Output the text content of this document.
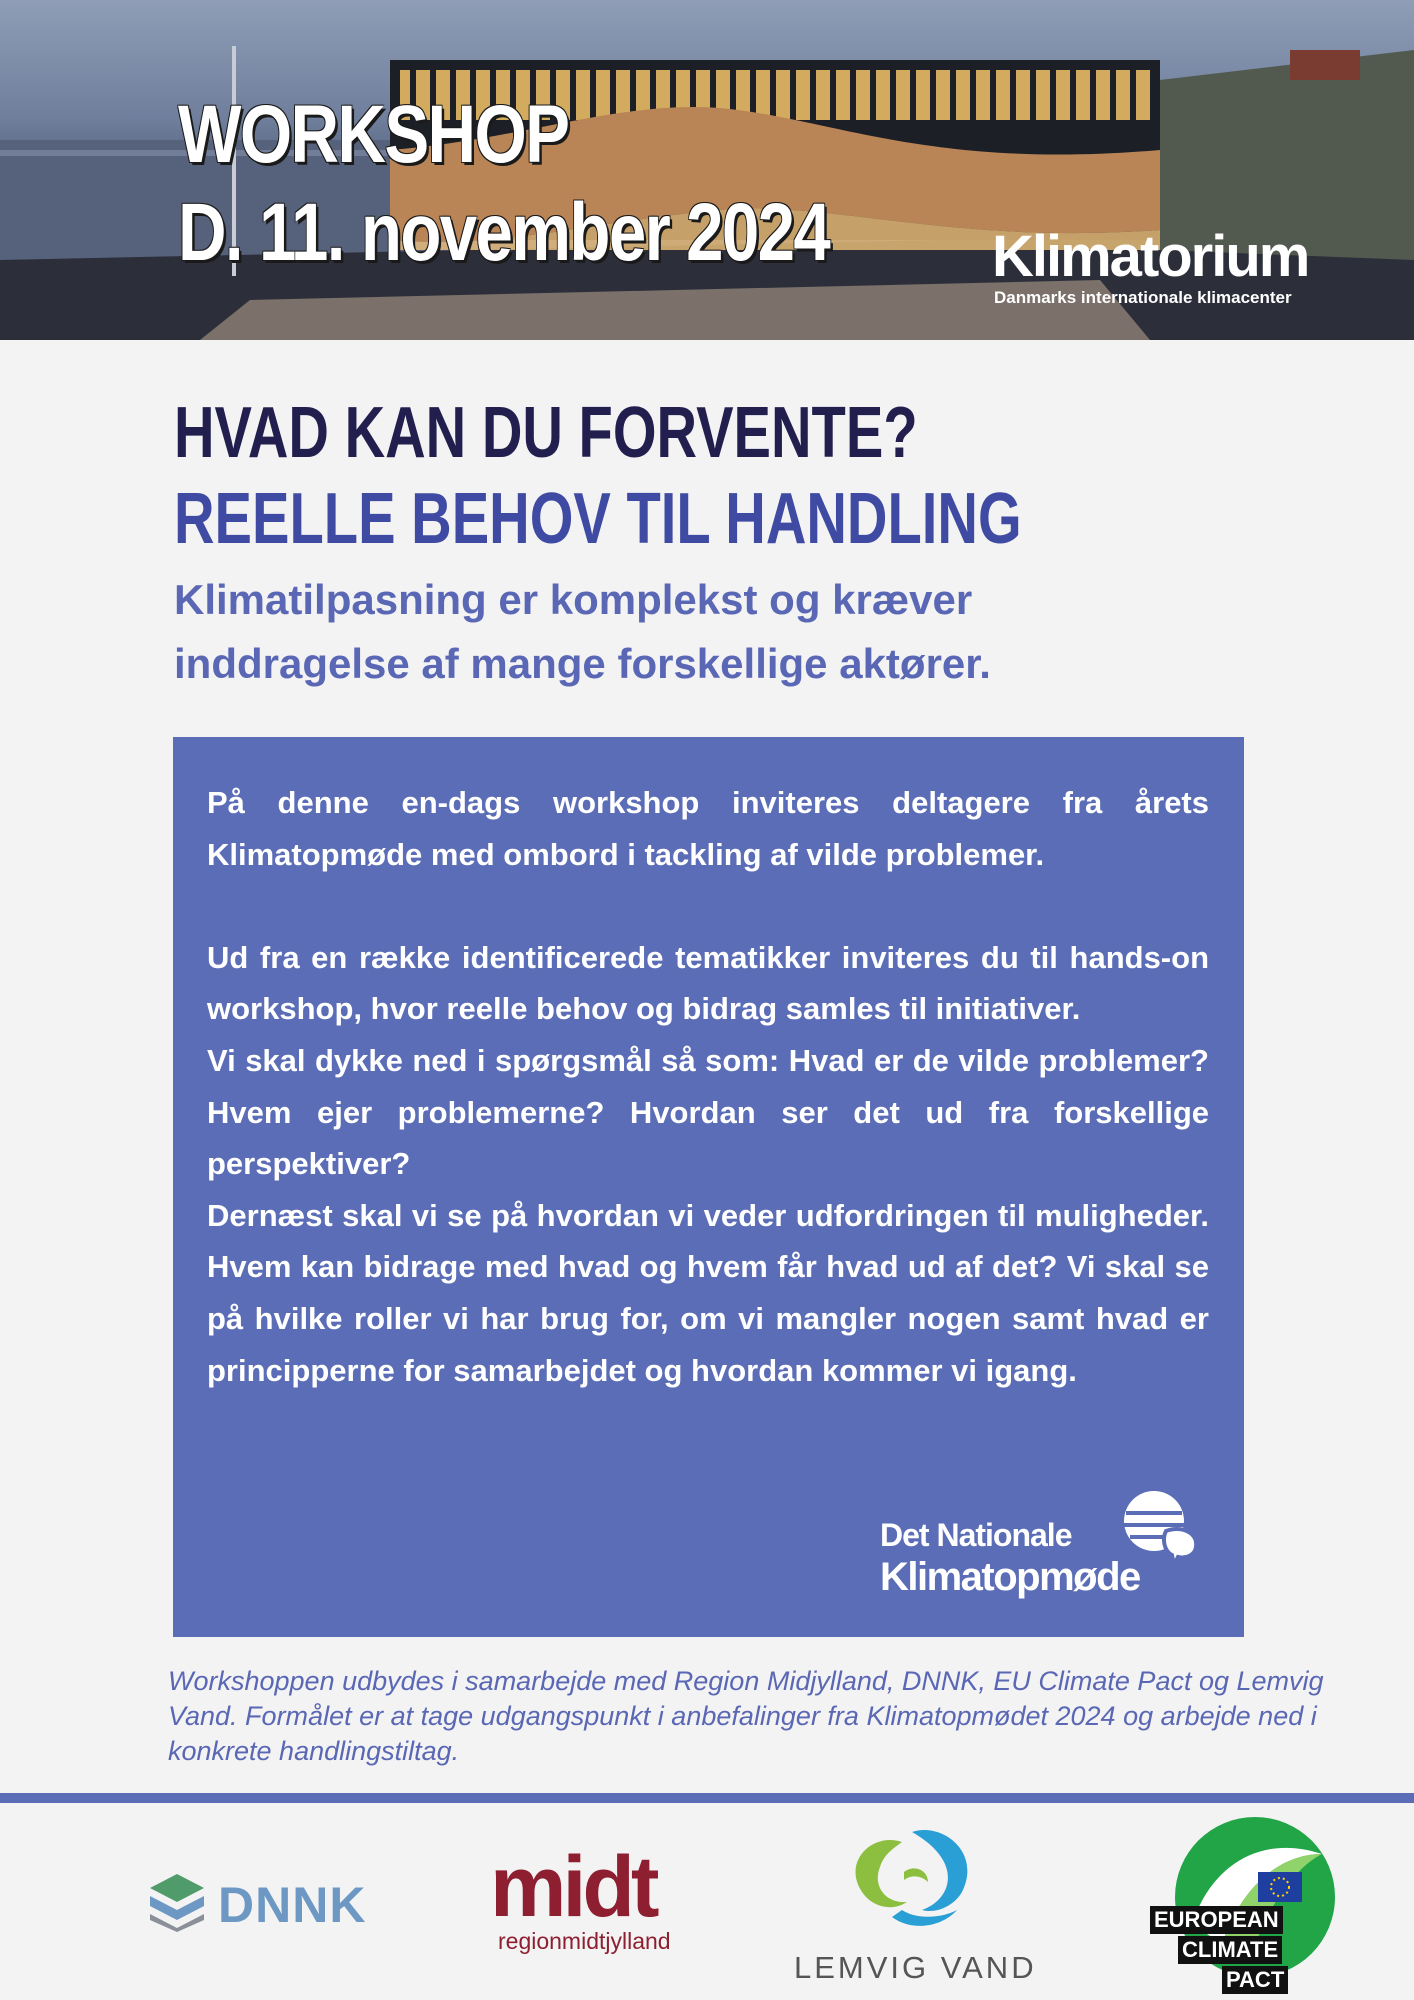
WORKSHOP
D. 11. november 2024	Klimatorium
Danmarks internationale klimacenter
HVAD KAN DU FORVENTE?
REELLE BEHOV TIL HANDLING
Klimatilpasning er komplekst og kræver inddragelse af mange forskellige aktører.

På denne en-dags workshop inviteres deltagere fra årets Klimatopmøde med ombord i tackling af vilde problemer.

Ud fra en række identificerede tematikker inviteres du til hands-on workshop, hvor reelle behov og bidrag samles til initiativer.

Vi skal dykke ned i spørgsmål så som: Hvad er de vilde problemer? Hvem ejer problemerne? Hvordan ser det ud fra forskellige perspektiver?

Dernæst skal vi se på hvordan vi veder udfordringen til muligheder. Hvem kan bidrage med hvad og hvem får hvad ud af det? Vi skal se på hvilke roller vi har brug for, om vi mangler nogen samt hvad er principperne for samarbejdet og hvordan kommer vi igang.

Det Nationale
Klimatopmøde
Workshoppen udbydes i samarbejde med Region Midjylland, DNNK, EU Climate Pact og Lemvig Vand. Formålet er at tage udgangspunkt i anbefalinger fra Klimatopmødet 2024 og arbejde ned i konkrete handlingstiltag.
DNNK midt
regionmidtjylland
LEMVIG VAND
EUROPEAN
CLIMATE
PACT
